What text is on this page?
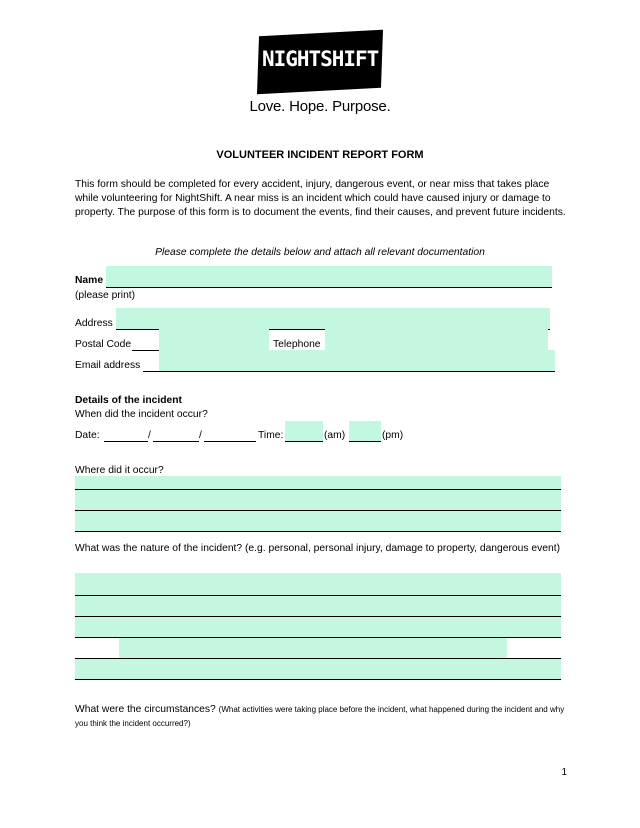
NIGHTSHIFT
Love. Hope. Purpose.
VOLUNTEER INCIDENT REPORT FORM
This form should be completed for every accident, injury, dangerous event, or near miss that takes place while volunteering for NightShift. A near miss is an incident which could have caused injury or damage to property. The purpose of this form is to document the events, find their causes, and prevent future incidents.
Please complete the details below and attach all relevant documentation
Name
(please print)
Address
Postal Code	Telephone
Email address
Details of the incident
When did the incident occur?
Date:	/	/	Time:	(am)	(pm)
Where did it occur?
What was the nature of the incident? (e.g. personal, personal injury, damage to property, dangerous event)
What were the circumstances? (What activities were taking place before the incident, what happened during the incident and why you think the incident occurred?)
1
